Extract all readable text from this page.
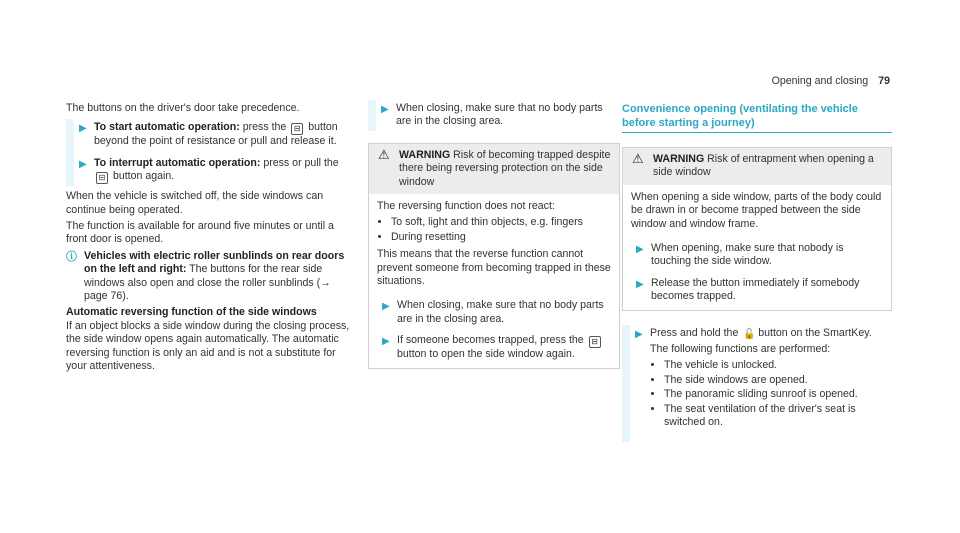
Opening and closing 79

The buttons on the driver's door take precedence.

▶ To start automatic operation: press the ⊟ button beyond the point of resistance or pull and release it.
▶ To interrupt automatic operation: press or pull the ⊟ button again.

When the vehicle is switched off, the side windows can continue being operated.

The function is available for around five minutes or until a front door is opened.

ⓘ Vehicles with electric roller sunblinds on rear doors on the left and right: The buttons for the rear side windows also open and close the roller sunblinds (→ page 76).

Automatic reversing function of the side windows

If an object blocks a side window during the closing process, the side window opens again automatically. The automatic reversing function is only an aid and is not a substitute for your attentiveness.

▶ When closing, make sure that no body parts are in the closing area.
⚠ WARNING Risk of becoming trapped despite there being reversing protection on the side window

The reversing function does not react:

• To soft, light and thin objects, e.g. fingers
• During resetting

This means that the reverse function cannot prevent someone from becoming trapped in these situations.

▶ When closing, make sure that no body parts are in the closing area.
▶ If someone becomes trapped, press the ⊟ button to open the side window again.
Convenience opening (ventilating the vehicle before starting a journey)
⚠ WARNING Risk of entrapment when opening a side window

When opening a side window, parts of the body could be drawn in or become trapped between the side window and window frame.

▶ When opening, make sure that nobody is touching the side window.
▶ Release the button immediately if somebody becomes trapped.
▶ Press and hold the 🔓 button on the SmartKey.

The following functions are performed:

• The vehicle is unlocked.
• The side windows are opened.
• The panoramic sliding sunroof is opened.
• The seat ventilation of the driver's seat is switched on.
